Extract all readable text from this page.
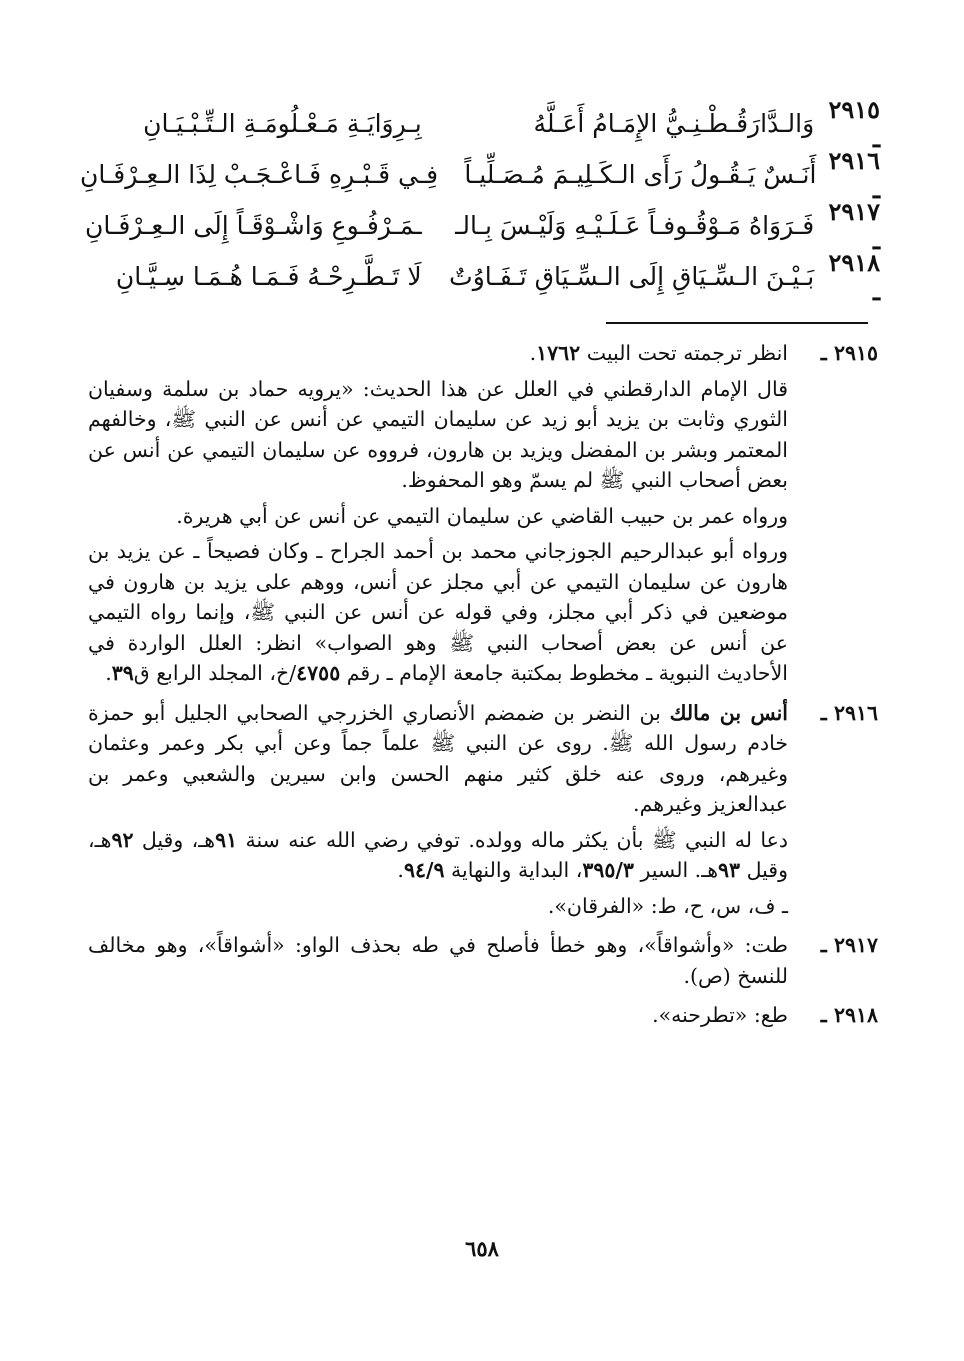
٢٩١٥ ـ
وَالـدَّارَقُـطْـنِـيُّ الإِمَـامُ أَعَـلَّهُ
بِـرِوَايَـةِ مَـعْـلُومَـةِ الـتِّـبْـيَـانِ
٢٩١٦ ـ
أَنَـسٌ يَـقُـولُ رَأَى الـكَـلِيـمَ مُـصَـلِّيـاً
فِـي قَـبْـرِهِ فَـاعْـجَـبْ لِذَا الـعِـرْفَـانِ
٢٩١٧ ـ
فَـرَوَاهُ مَـوْقُـوفـاً عَـلَـيْـهِ وَلَيْـسَ بِـالـ
ـمَـرْفُـوعِ وَاشْـوْقَـاً إِلَى الـعِـرْفَـانِ
٢٩١٨ ـ
بَـيْـنَ الـسِّـيَاقِ إِلَى الـسِّـيَاقِ تَـفَـاوُتٌ
لَا تَـطَّـرِحْـهُ فَـمَـا هُـمَـا سِـيَّـانِ
٢٩١٥ ـ

انظر ترجمته تحت البيت ١٧٦٢.

قال الإمام الدارقطني في العلل عن هذا الحديث: «يرويه حماد بن سلمة وسفيان الثوري وثابت بن يزيد أبو زيد عن سليمان التيمي عن أنس عن النبي ﷺ، وخالفهم المعتمر وبشر بن المفضل ويزيد بن هارون، فرووه عن سليمان التيمي عن أنس عن بعض أصحاب النبي ﷺ لم يسمّ وهو المحفوظ.

ورواه عمر بن حبيب القاضي عن سليمان التيمي عن أنس عن أبي هريرة.

ورواه أبو عبدالرحيم الجوزجاني محمد بن أحمد الجراح ـ وكان فصيحاً ـ عن يزيد بن هارون عن سليمان التيمي عن أبي مجلز عن أنس، ووهم على يزيد بن هارون في موضعين في ذكر أبي مجلز، وفي قوله عن أنس عن النبي ﷺ، وإنما رواه التيمي عن أنس عن بعض أصحاب النبي ﷺ وهو الصواب» انظر: العلل الواردة في الأحاديث النبوية ـ مخطوط بمكتبة جامعة الإمام ـ رقم ٤٧٥٥/خ، المجلد الرابع ق٣٩.

٢٩١٦ ـ

أنس بن مالك بن النضر بن ضمضم الأنصاري الخزرجي الصحابي الجليل أبو حمزة خادم رسول الله ﷺ. روى عن النبي ﷺ علماً جماً وعن أبي بكر وعمر وعثمان وغيرهم، وروى عنه خلق كثير منهم الحسن وابن سيرين والشعبي وعمر بن عبدالعزيز وغيرهم.

دعا له النبي ﷺ بأن يكثر ماله وولده. توفي رضي الله عنه سنة ٩١هـ، وقيل ٩٢هـ، وقيل ٩٣هـ. السير ٣٩٥/٣، البداية والنهاية ٩٤/٩.

ـ ف، س، ح، ط: «الفرقان».

٢٩١٧ ـ

طت: «وأشواقاً»، وهو خطأ فأصلح في طه بحذف الواو: «أشواقاً»، وهو مخالف للنسخ (ص).

٢٩١٨ ـ

طع: «تطرحنه».

٦٥٨
